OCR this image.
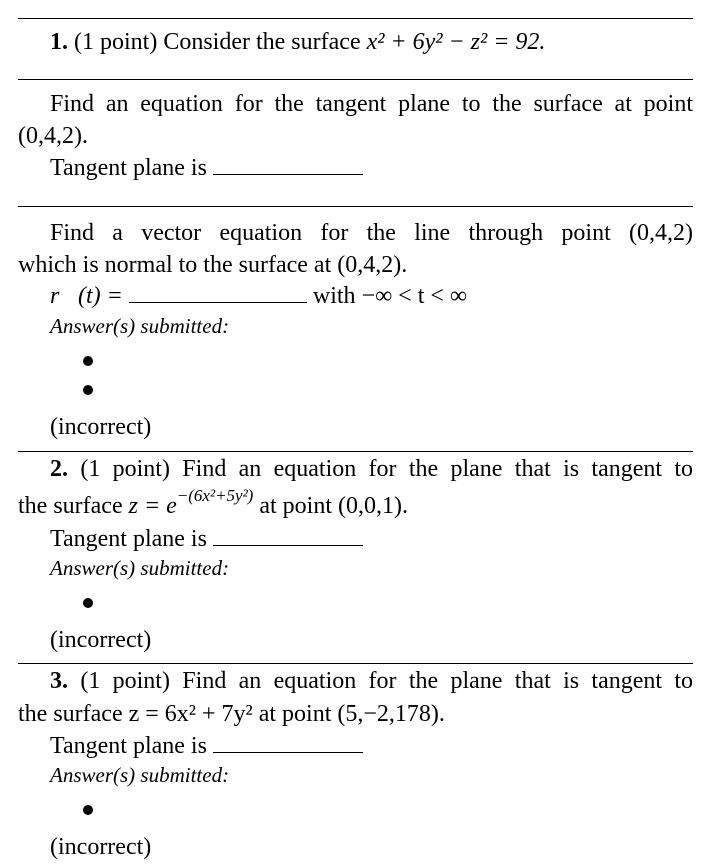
1. (1 point) Consider the surface x² + 6y² − z² = 92.
Find an equation for the tangent plane to the surface at point
(0,4,2).
Tangent plane is
Find a vector equation for the line through point (0,4,2)
which is normal to the surface at (0,4,2).
r⃗(t) =	with −∞ < t < ∞
Answer(s) submitted:
(incorrect)
2. (1 point) Find an equation for the plane that is tangent to
the surface $z = e^{-(6x^2+5y^2)}$ at point (0,0,1).
Tangent plane is
Answer(s) submitted:
(incorrect)
3. (1 point) Find an equation for the plane that is tangent to
the surface z = 6x² + 7y² at point (5,−2,178).
Tangent plane is
Answer(s) submitted:
(incorrect)
